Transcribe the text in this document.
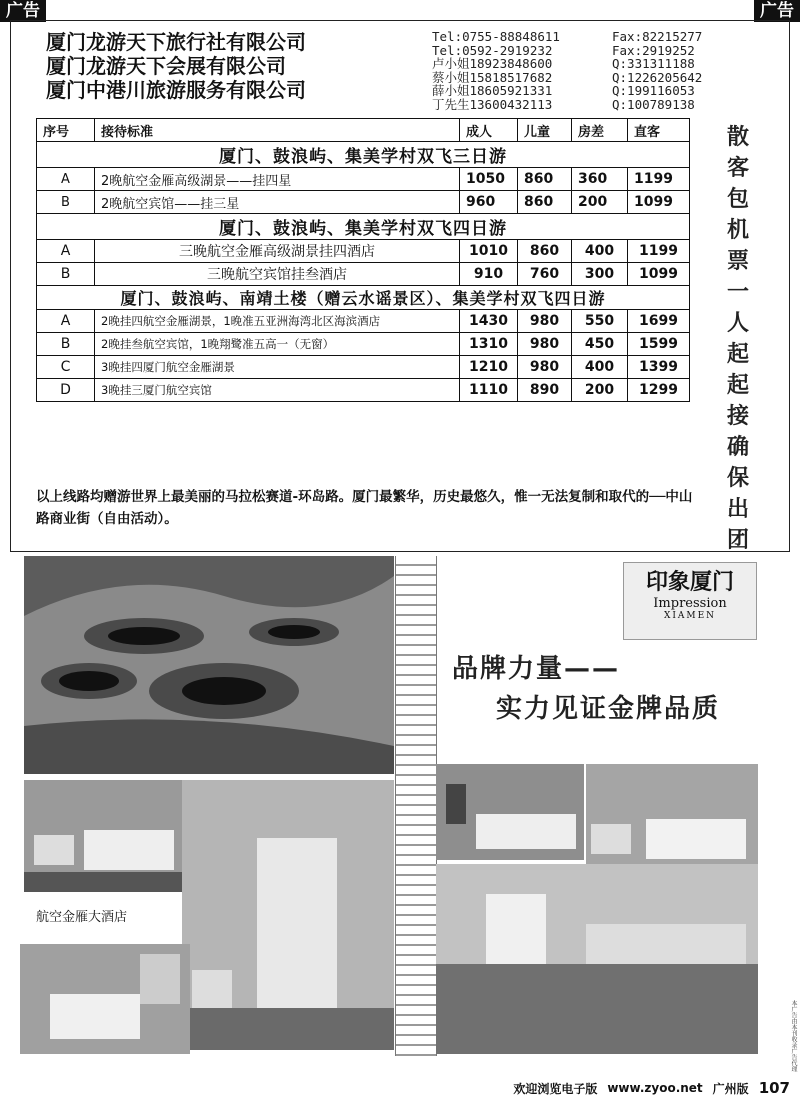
广告	广告
厦门龙游天下旅行社有限公司
厦门龙游天下会展有限公司
厦门中港川旅游服务有限公司
Tel:0755-88848611	Fax:82215277
Tel:0592-2919232	Fax:2919252
卢小姐18923848600	Q:331311188
蔡小姐15818517682	Q:1226205642
薛小姐18605921331	Q:199116053
丁先生13600432113	Q:100789138
序号	接待标准	成人	儿童	房差	直客
厦门、鼓浪屿、集美学村双飞三日游					
A	2晚航空金雁高级湖景——挂四星	1050	860	360	1199
B	2晚航空宾馆——挂三星	960	860	200	1099
厦门、鼓浪屿、集美学村双飞四日游					
A	三晚航空金雁高级湖景挂四酒店	1010	860	400	1199
B	三晚航空宾馆挂叁酒店	910	760	300	1099
厦门、鼓浪屿、南靖土楼（赠云水谣景区）、集美学村双飞四日游					
A	2晚挂四航空金雁湖景，1晚准五亚洲海湾北区海滨酒店	1430	980	550	1699
B	2晚挂叁航空宾馆，1晚翔鹭准五高一（无窗）	1310	980	450	1599
C	3晚挂四厦门航空金雁湖景	1210	980	400	1399
D	3晚挂三厦门航空宾馆	1110	890	200	1299
以上线路均赠游世界上最美丽的马拉松赛道-环岛路。厦门最繁华，历史最悠久，惟一无法复制和取代的──中山路商业街（自由活动）。
散
客
包
机
票
一
人
起
起
接
确
保
出
团
印象厦门
Impression
XIAMEN
品牌力量——
实力见证金牌品质
航空金雁大酒店
欢迎浏览电子版 www.zyoo.net 广州版 107
本广告由本刊收录广告代理
